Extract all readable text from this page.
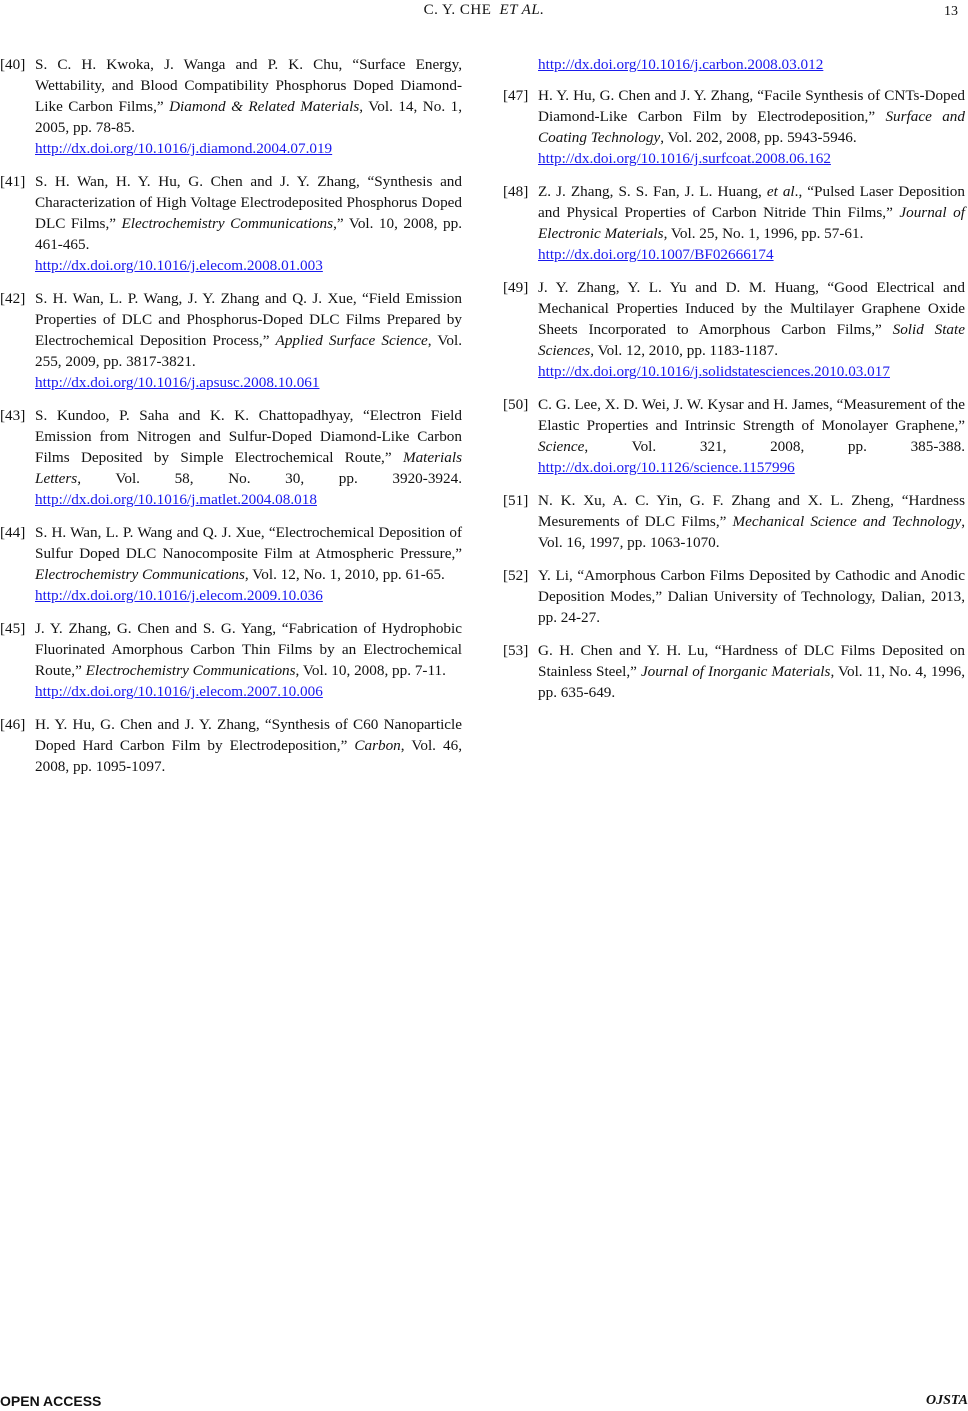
C. Y. CHE ET AL.	13
[40] S. C. H. Kwoka, J. Wanga and P. K. Chu, “Surface Energy, Wettability, and Blood Compatibility Phosphorus Doped Diamond-Like Carbon Films,” Diamond & Related Materials, Vol. 14, No. 1, 2005, pp. 78-85.
http://dx.doi.org/10.1016/j.diamond.2004.07.019
[41] S. H. Wan, H. Y. Hu, G. Chen and J. Y. Zhang, “Synthesis and Characterization of High Voltage Electrodeposited Phosphorus Doped DLC Films,” Electrochemistry Communications,” Vol. 10, 2008, pp. 461-465.
http://dx.doi.org/10.1016/j.elecom.2008.01.003
[42] S. H. Wan, L. P. Wang, J. Y. Zhang and Q. J. Xue, “Field Emission Properties of DLC and Phosphorus-Doped DLC Films Prepared by Electrochemical Deposition Process,” Applied Surface Science, Vol. 255, 2009, pp. 3817-3821.
http://dx.doi.org/10.1016/j.apsusc.2008.10.061
[43] S. Kundoo, P. Saha and K. K. Chattopadhyay, “Electron Field Emission from Nitrogen and Sulfur-Doped Diamond-Like Carbon Films Deposited by Simple Electrochemical Route,” Materials Letters, Vol. 58, No. 30, pp. 3920-3924. http://dx.doi.org/10.1016/j.matlet.2004.08.018
[44] S. H. Wan, L. P. Wang and Q. J. Xue, “Electrochemical Deposition of Sulfur Doped DLC Nanocomposite Film at Atmospheric Pressure,” Electrochemistry Communications, Vol. 12, No. 1, 2010, pp. 61-65.
http://dx.doi.org/10.1016/j.elecom.2009.10.036
[45] J. Y. Zhang, G. Chen and S. G. Yang, “Fabrication of Hydrophobic Fluorinated Amorphous Carbon Thin Films by an Electrochemical Route,” Electrochemistry Communications, Vol. 10, 2008, pp. 7-11.
http://dx.doi.org/10.1016/j.elecom.2007.10.006
[46] H. Y. Hu, G. Chen and J. Y. Zhang, “Synthesis of C60 Nanoparticle Doped Hard Carbon Film by Electrodeposition,” Carbon, Vol. 46, 2008, pp. 1095-1097.
http://dx.doi.org/10.1016/j.carbon.2008.03.012
[47] H. Y. Hu, G. Chen and J. Y. Zhang, “Facile Synthesis of CNTs-Doped Diamond-Like Carbon Film by Electrodeposition,” Surface and Coating Technology, Vol. 202, 2008, pp. 5943-5946.
http://dx.doi.org/10.1016/j.surfcoat.2008.06.162
[48] Z. J. Zhang, S. S. Fan, J. L. Huang, et al., “Pulsed Laser Deposition and Physical Properties of Carbon Nitride Thin Films,” Journal of Electronic Materials, Vol. 25, No. 1, 1996, pp. 57-61.
http://dx.doi.org/10.1007/BF02666174
[49] J. Y. Zhang, Y. L. Yu and D. M. Huang, “Good Electrical and Mechanical Properties Induced by the Multilayer Graphene Oxide Sheets Incorporated to Amorphous Carbon Films,” Solid State Sciences, Vol. 12, 2010, pp. 1183-1187.
http://dx.doi.org/10.1016/j.solidstatesciences.2010.03.017
[50] C. G. Lee, X. D. Wei, J. W. Kysar and H. James, “Measurement of the Elastic Properties and Intrinsic Strength of Monolayer Graphene,” Science, Vol. 321, 2008, pp. 385-388. http://dx.doi.org/10.1126/science.1157996
[51] N. K. Xu, A. C. Yin, G. F. Zhang and X. L. Zheng, “Hardness Mesurements of DLC Films,” Mechanical Science and Technology, Vol. 16, 1997, pp. 1063-1070.
[52] Y. Li, “Amorphous Carbon Films Deposited by Cathodic and Anodic Deposition Modes,” Dalian University of Technology, Dalian, 2013, pp. 24-27.
[53] G. H. Chen and Y. H. Lu, “Hardness of DLC Films Deposited on Stainless Steel,” Journal of Inorganic Materials, Vol. 11, No. 4, 1996, pp. 635-649.
OPEN ACCESS	OJSTA
